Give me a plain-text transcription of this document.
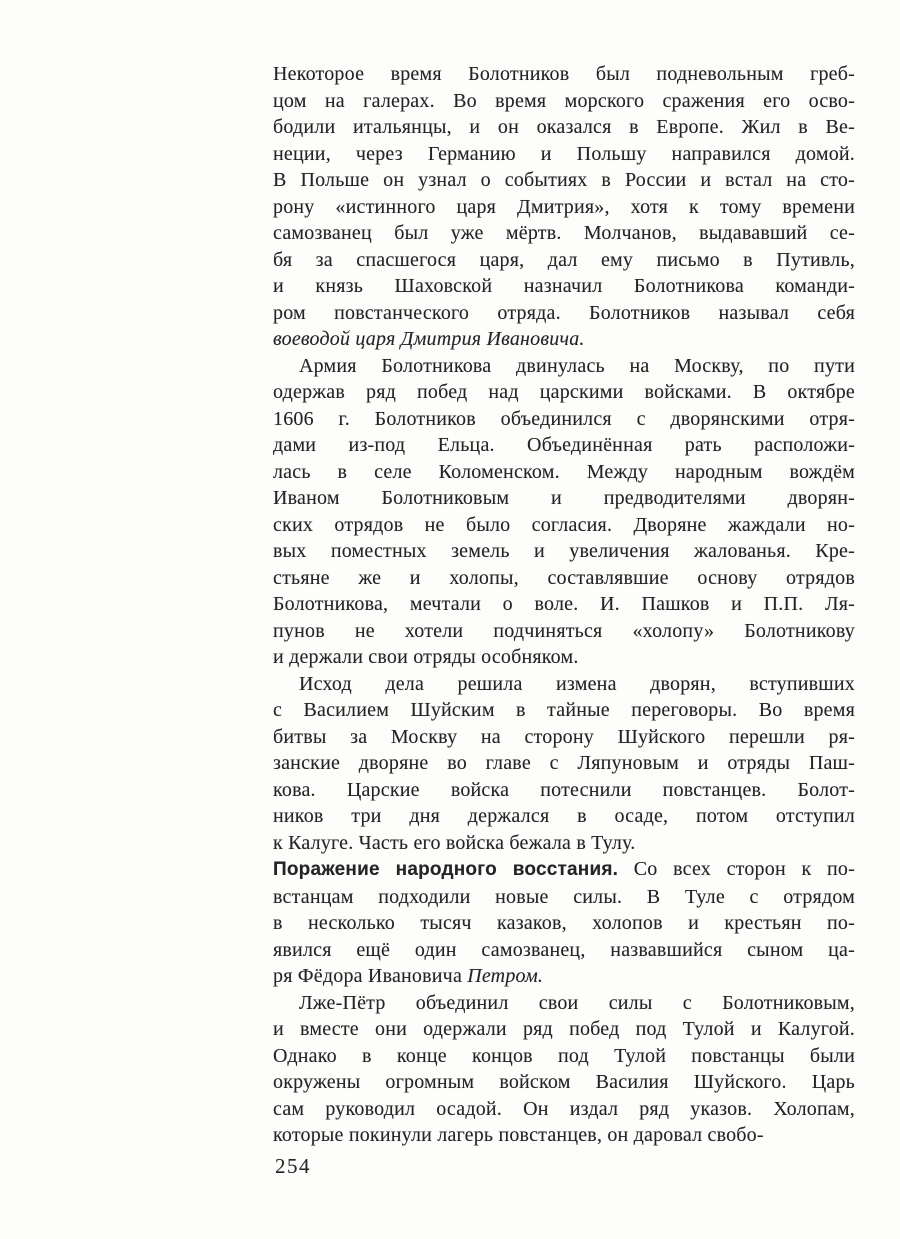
Некоторое время Болотников был подневольным греб-
цом на галерах. Во время морского сражения его осво-
бодили итальянцы, и он оказался в Европе. Жил в Ве-
неции, через Германию и Польшу направился домой.
В Польше он узнал о событиях в России и встал на сто-
рону «истинного царя Дмитрия», хотя к тому времени
самозванец был уже мёртв. Молчанов, выдававший се-
бя за спасшегося царя, дал ему письмо в Путивль,
и князь Шаховской назначил Болотникова команди-
ром повстанческого отряда. Болотников называл себя
воеводой царя Дмитрия Ивановича.
Армия Болотникова двинулась на Москву, по пути
одержав ряд побед над царскими войсками. В октябре
1606 г. Болотников объединился с дворянскими отря-
дами из-под Ельца. Объединённая рать расположи-
лась в селе Коломенском. Между народным вождём
Иваном Болотниковым и предводителями дворян-
ских отрядов не было согласия. Дворяне жаждали но-
вых поместных земель и увеличения жалованья. Кре-
стьяне же и холопы, составлявшие основу отрядов
Болотникова, мечтали о воле. И. Пашков и П.П. Ля-
пунов не хотели подчиняться «холопу» Болотникову
и держали свои отряды особняком.
Исход дела решила измена дворян, вступивших
с Василием Шуйским в тайные переговоры. Во время
битвы за Москву на сторону Шуйского перешли ря-
занские дворяне во главе с Ляпуновым и отряды Паш-
кова. Царские войска потеснили повстанцев. Болот-
ников три дня держался в осаде, потом отступил
к Калуге. Часть его войска бежала в Тулу.
Поражение народного восстания. Со всех сторон к по-
встанцам подходили новые силы. В Туле с отрядом
в несколько тысяч казаков, холопов и крестьян по-
явился ещё один самозванец, назвавшийся сыном ца-
ря Фёдора Ивановича Петром.
Лже-Пётр объединил свои силы с Болотниковым,
и вместе они одержали ряд побед под Тулой и Калугой.
Однако в конце концов под Тулой повстанцы были
окружены огромным войском Василия Шуйского. Царь
сам руководил осадой. Он издал ряд указов. Холопам,
которые покинули лагерь повстанцев, он даровал свобо-
254
